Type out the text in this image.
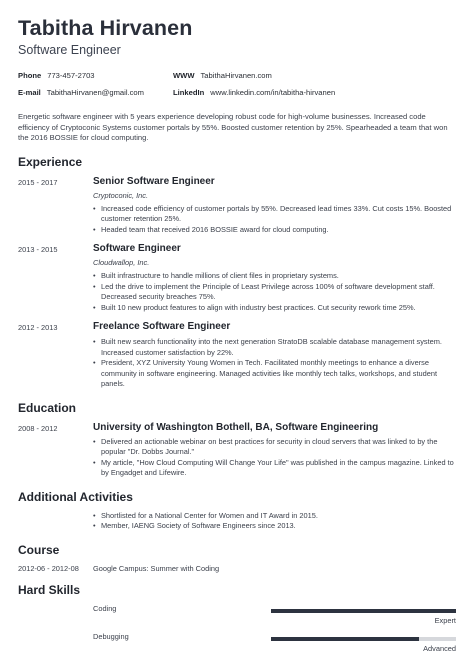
Tabitha Hirvanen
Software Engineer
Phone 773-457-2703	WWW TabithaHirvanen.com
E-mail TabithaHirvanen@gmail.com	LinkedIn www.linkedin.com/in/tabitha-hirvanen
Energetic software engineer with 5 years experience developing robust code for high-volume businesses. Increased code efficiency of Cryptoconic Systems customer portals by 55%. Boosted customer retention by 25%. Spearheaded a team that won the 2016 BOSSIE for cloud computing.
Experience
2015 - 2017	Senior Software Engineer
Cryptoconic, Inc.
• Increased code efficiency of customer portals by 55%. Decreased lead times 33%. Cut costs 15%. Boosted customer retention 25%.
• Headed team that received 2016 BOSSIE award for cloud computing.
2013 - 2015	Software Engineer
Cloudwallop, Inc.
• Built infrastructure to handle millions of client files in proprietary systems.
• Led the drive to implement the Principle of Least Privilege across 100% of software development staff. Decreased security breaches 75%.
• Built 10 new product features to align with industry best practices. Cut security rework time 25%.
2012 - 2013	Freelance Software Engineer
• Built new search functionality into the next generation StratoDB scalable database management system. Increased customer satisfaction by 22%.
• President, XYZ University Young Women in Tech. Facilitated monthly meetings to enhance a diverse community in software engineering. Managed activities like monthly tech talks, workshops, and student panels.
Education
2008 - 2012	University of Washington Bothell, BA, Software Engineering
• Delivered an actionable webinar on best practices for security in cloud servers that was linked to by the popular "Dr. Dobbs Journal."
• My article, "How Cloud Computing Will Change Your Life" was published in the campus magazine. Linked to by Engadget and Lifewire.
Additional Activities
• Shortlisted for a National Center for Women and IT Award in 2015.
• Member, IAENG Society of Software Engineers since 2013.
Course
2012-06 - 2012-08	Google Campus: Summer with Coding
Hard Skills
Coding
Expert
Debugging
Advanced
